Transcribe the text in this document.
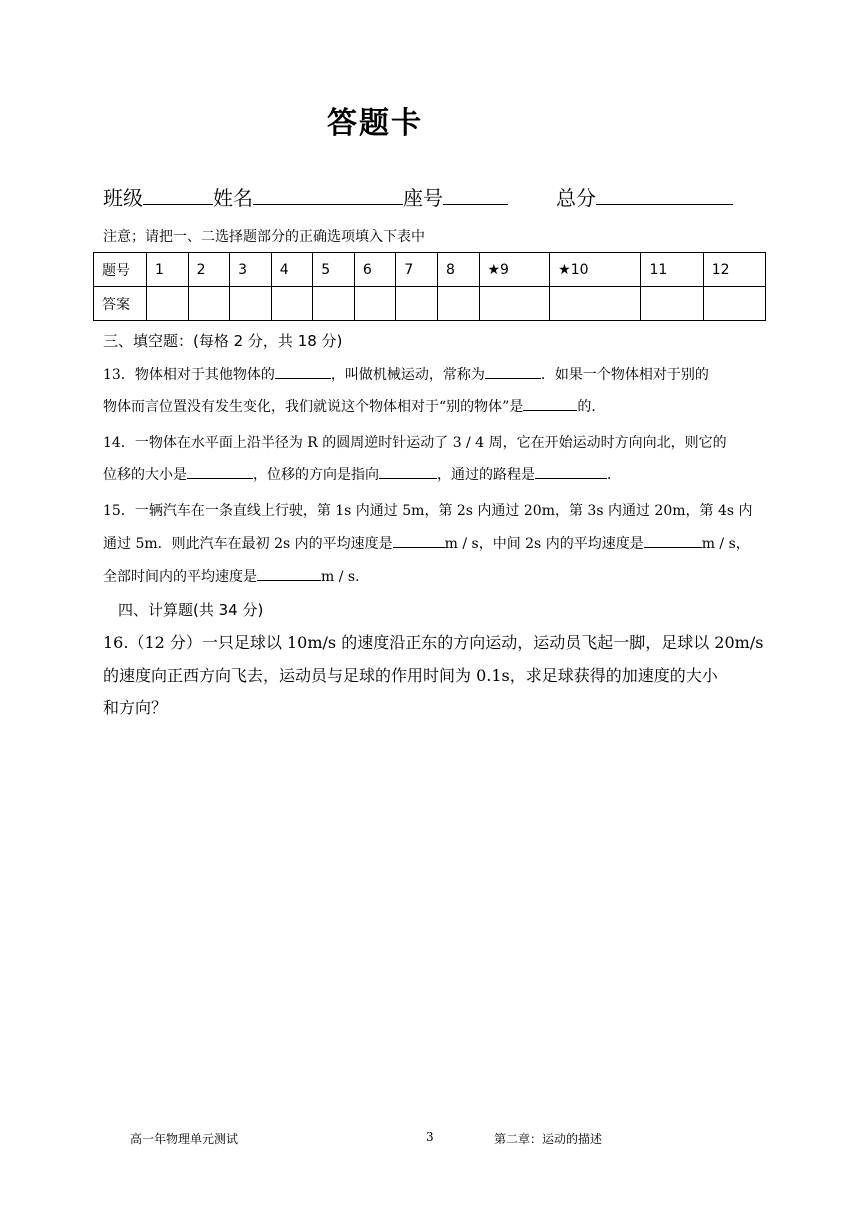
答题卡
班级	姓名	座号	总分
注意；请把一、二选择题部分的正确选项填入下表中
题号	1	2	3	4	5	6	7	8	★9	★10	11	12
答案												
三、填空题：(每格 2 分，共 18 分)
13．物体相对于其他物体的	，叫做机械运动，常称为	．如果一个物体相对于别的
物体而言位置没有发生变化，我们就说这个物体相对于“别的物体”是	的．
14．一物体在水平面上沿半径为 R 的圆周逆时针运动了 3 / 4 周，它在开始运动时方向向北，则它的
位移的大小是	，位移的方向是指向	，通过的路程是	．
15．一辆汽车在一条直线上行驶，第 1s 内通过 5m，第 2s 内通过 20m，第 3s 内通过 20m，第 4s 内
通过 5m．则此汽车在最初 2s 内的平均速度是	m / s，中间 2s 内的平均速度是	m / s，
全部时间内的平均速度是	m / s．
四、计算题(共 34 分)
16.（12 分）一只足球以 10m/s 的速度沿正东的方向运动，运动员飞起一脚，足球以 20m/s
的速度向正西方向飞去，运动员与足球的作用时间为 0.1s，求足球获得的加速度的大小
和方向？
高一年物理单元测试	3	第二章：运动的描述
